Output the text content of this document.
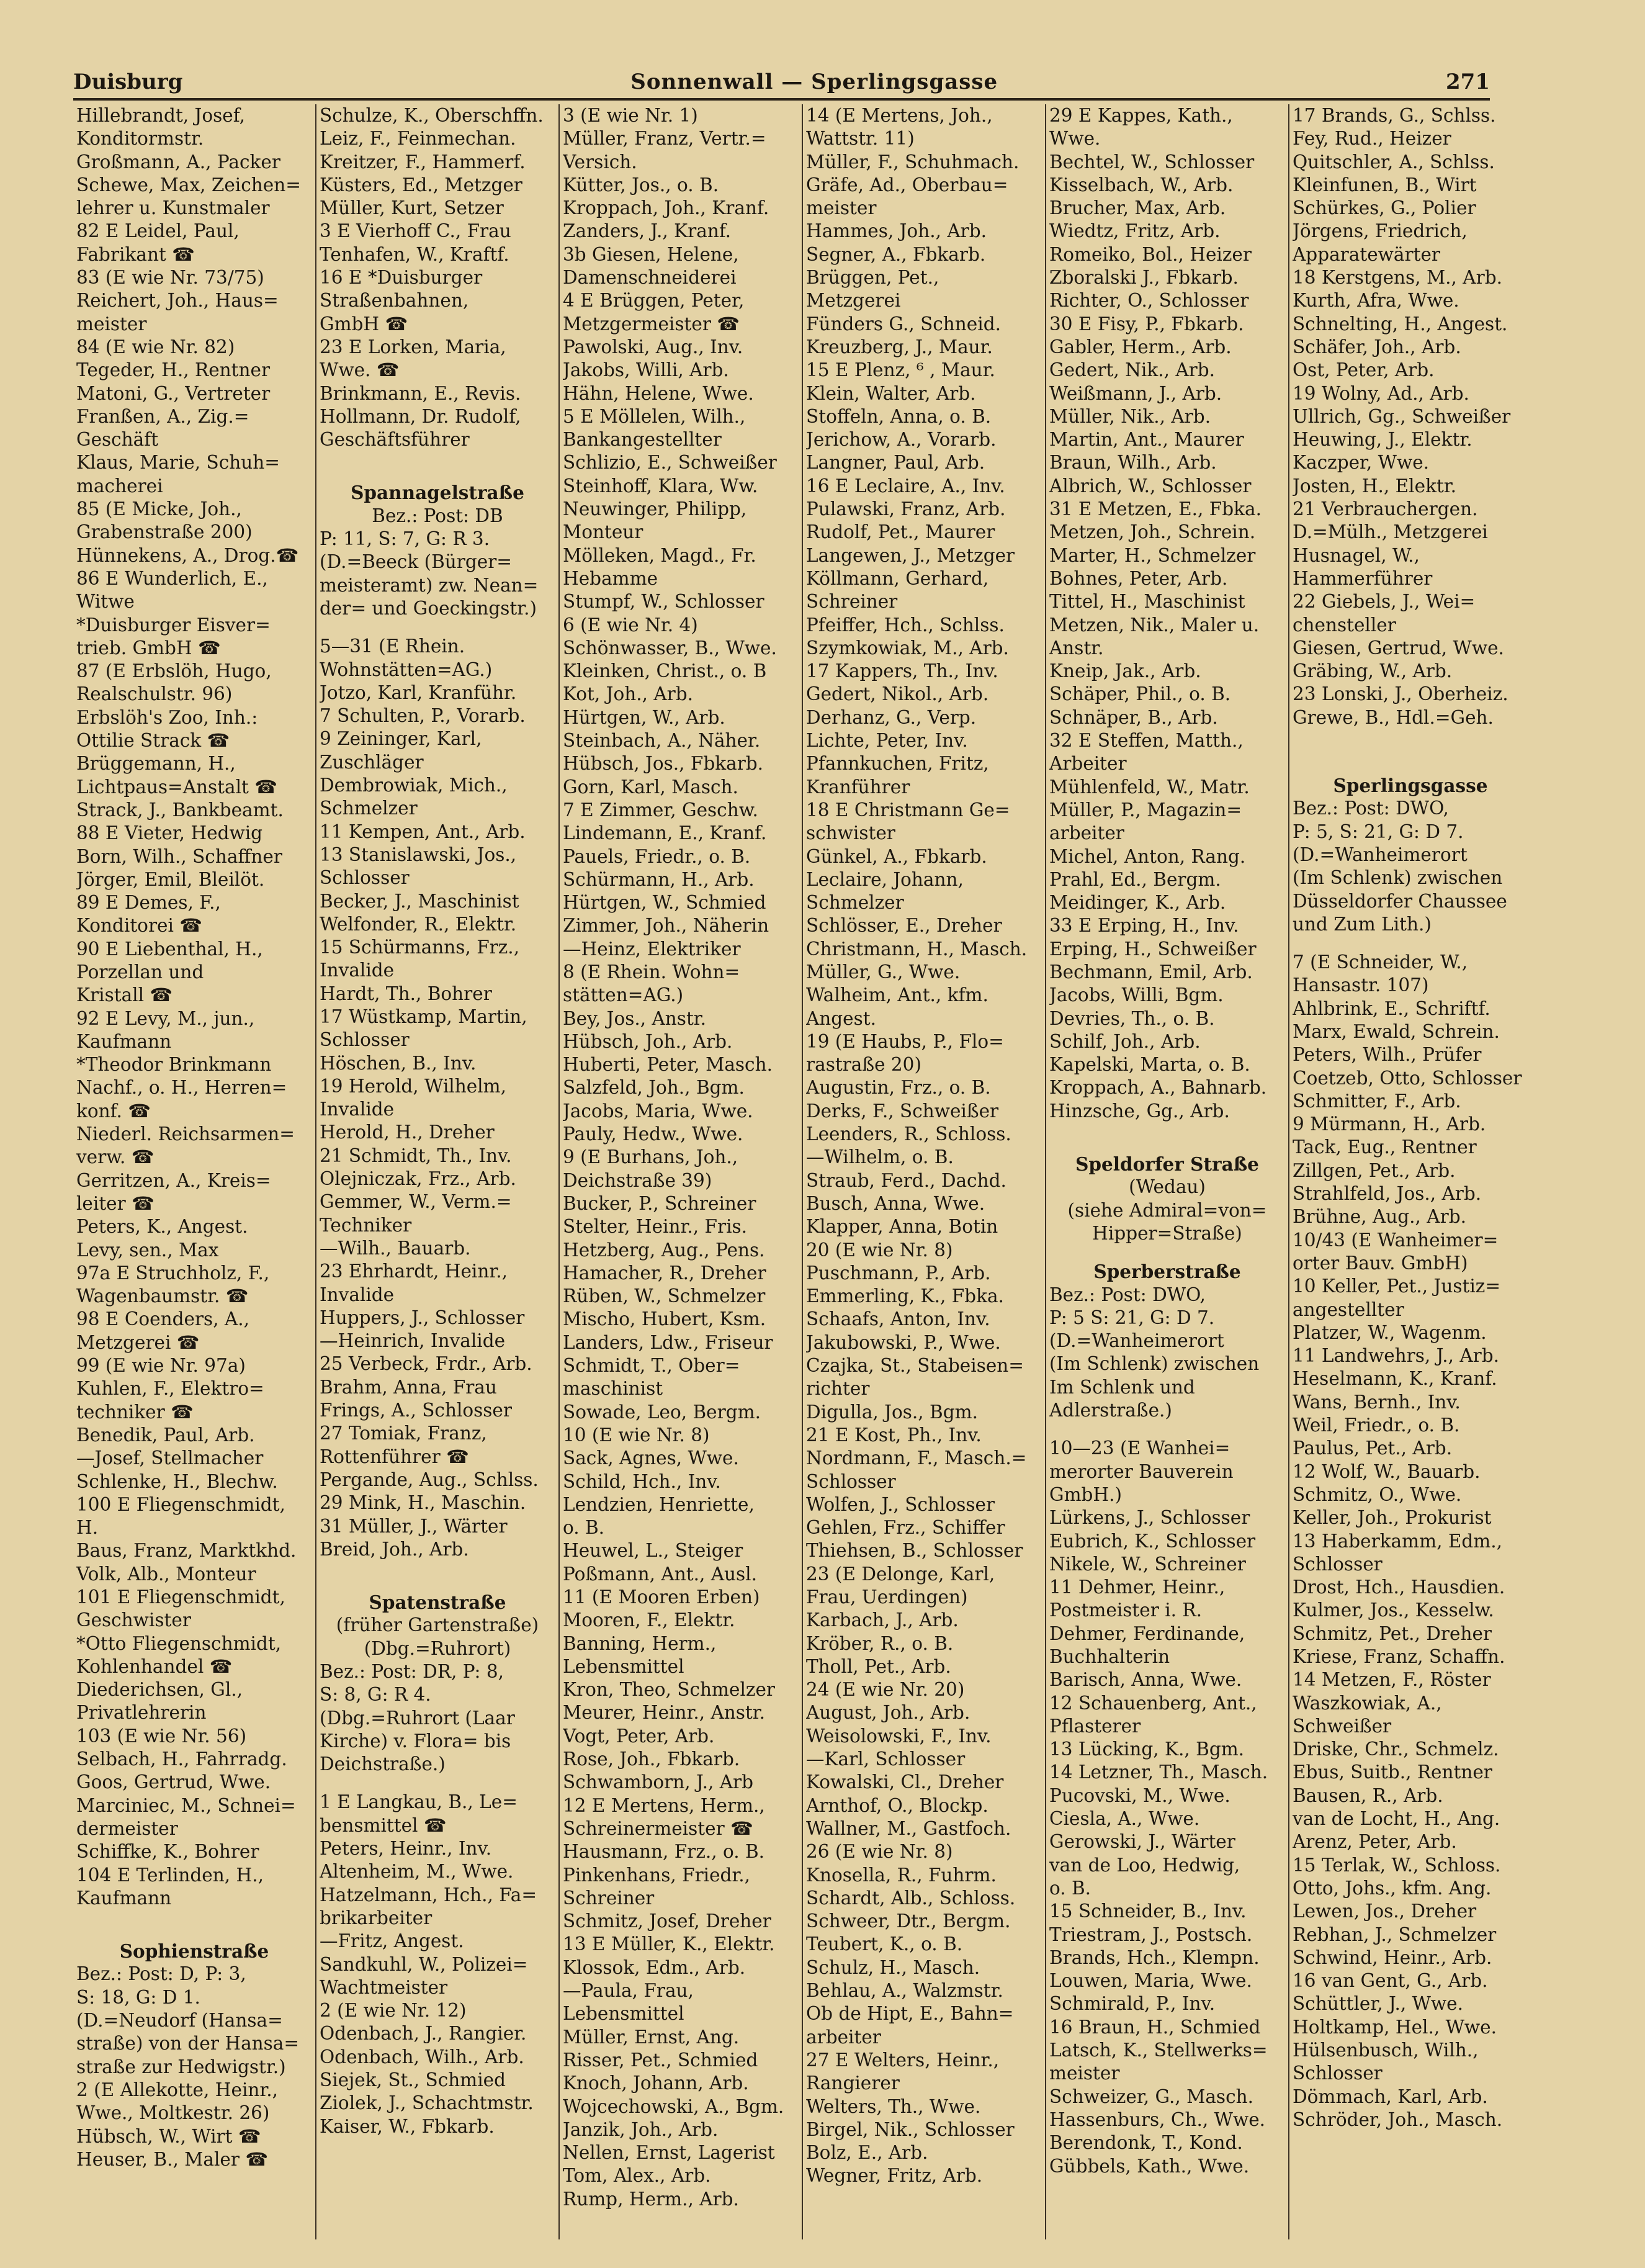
Duisburg	Sonnenwall — Sperlingsgasse	271
Hillebrandt, Josef,
Konditormstr.
Großmann, A., Packer
Schewe, Max, Zeichen=
lehrer u. Kunstmaler
82 E Leidel, Paul,
Fabrikant ☎
83 (E wie Nr. 73/75)
Reichert, Joh., Haus=
meister
84 (E wie Nr. 82)
Tegeder, H., Rentner
Matoni, G., Vertreter
Franßen, A., Zig.=
Geschäft
Klaus, Marie, Schuh=
macherei
85 (E Micke, Joh.,
Grabenstraße 200)
Hünnekens, A., Drog.☎
86 E Wunderlich, E.,
Witwe
*Duisburger Eisver=
trieb. GmbH ☎
87 (E Erbslöh, Hugo,
Realschulstr. 96)
Erbslöh's Zoo, Inh.:
Ottilie Strack ☎
Brüggemann, H.,
Lichtpaus=Anstalt ☎
Strack, J., Bankbeamt.
88 E Vieter, Hedwig
Born, Wilh., Schaffner
Jörger, Emil, Bleilöt.
89 E Demes, F.,
Konditorei ☎
90 E Liebenthal, H.,
Porzellan und
Kristall ☎
92 E Levy, M., jun.,
Kaufmann
*Theodor Brinkmann
Nachf., o. H., Herren=
konf. ☎
Niederl. Reichsarmen=
verw. ☎
Gerritzen, A., Kreis=
leiter ☎
Peters, K., Angest.
Levy, sen., Max
97a E Struchholz, F.,
Wagenbaumstr. ☎
98 E Coenders, A.,
Metzgerei ☎
99 (E wie Nr. 97a)
Kuhlen, F., Elektro=
techniker ☎
Benedik, Paul, Arb.
—Josef, Stellmacher
Schlenke, H., Blechw.
100 E Fliegenschmidt,
H.
Baus, Franz, Marktkhd.
Volk, Alb., Monteur
101 E Fliegenschmidt,
Geschwister
*Otto Fliegenschmidt,
Kohlenhandel ☎
Diederichsen, Gl.,
Privatlehrerin
103 (E wie Nr. 56)
Selbach, H., Fahrradg.
Goos, Gertrud, Wwe.
Marciniec, M., Schnei=
dermeister
Schiffke, K., Bohrer
104 E Terlinden, H.,
Kaufmann
Sophienstraße
Bez.: Post: D, P: 3,
S: 18, G: D 1.
(D.=Neudorf (Hansa=
straße) von der Hansa=
straße zur Hedwigstr.)
2 (E Allekotte, Heinr.,
Wwe., Moltkestr. 26)
Hübsch, W., Wirt ☎
Heuser, B., Maler ☎
Schulze, K., Oberschffn.
Leiz, F., Feinmechan.
Kreitzer, F., Hammerf.
Küsters, Ed., Metzger
Müller, Kurt, Setzer
3 E Vierhoff C., Frau
Tenhafen, W., Kraftf.
16 E *Duisburger
Straßenbahnen,
GmbH ☎
23 E Lorken, Maria,
Wwe. ☎
Brinkmann, E., Revis.
Hollmann, Dr. Rudolf,
Geschäftsführer
Spannagelstraße
Bez.: Post: DB
P: 11, S: 7, G: R 3.
(D.=Beeck (Bürger=
meisteramt) zw. Nean=
der= und Goeckingstr.)
5—31 (E Rhein.
Wohnstätten=AG.)
Jotzo, Karl, Kranführ.
7 Schulten, P., Vorarb.
9 Zeininger, Karl,
Zuschläger
Dembrowiak, Mich.,
Schmelzer
11 Kempen, Ant., Arb.
13 Stanislawski, Jos.,
Schlosser
Becker, J., Maschinist
Welfonder, R., Elektr.
15 Schürmanns, Frz.,
Invalide
Hardt, Th., Bohrer
17 Wüstkamp, Martin,
Schlosser
Höschen, B., Inv.
19 Herold, Wilhelm,
Invalide
Herold, H., Dreher
21 Schmidt, Th., Inv.
Olejniczak, Frz., Arb.
Gemmer, W., Verm.=
Techniker
—Wilh., Bauarb.
23 Ehrhardt, Heinr.,
Invalide
Huppers, J., Schlosser
—Heinrich, Invalide
25 Verbeck, Frdr., Arb.
Brahm, Anna, Frau
Frings, A., Schlosser
27 Tomiak, Franz,
Rottenführer ☎
Pergande, Aug., Schlss.
29 Mink, H., Maschin.
31 Müller, J., Wärter
Breid, Joh., Arb.
Spatenstraße
(früher Gartenstraße)
(Dbg.=Ruhrort)
Bez.: Post: DR, P: 8,
S: 8, G: R 4.
(Dbg.=Ruhrort (Laar
Kirche) v. Flora= bis
Deichstraße.)
1 E Langkau, B., Le=
bensmittel ☎
Peters, Heinr., Inv.
Altenheim, M., Wwe.
Hatzelmann, Hch., Fa=
brikarbeiter
—Fritz, Angest.
Sandkuhl, W., Polizei=
Wachtmeister
2 (E wie Nr. 12)
Odenbach, J., Rangier.
Odenbach, Wilh., Arb.
Siejek, St., Schmied
Ziolek, J., Schachtmstr.
Kaiser, W., Fbkarb.
3 (E wie Nr. 1)
Müller, Franz, Vertr.=
Versich.
Kütter, Jos., o. B.
Kroppach, Joh., Kranf.
Zanders, J., Kranf.
3b Giesen, Helene,
Damenschneiderei
4 E Brüggen, Peter,
Metzgermeister ☎
Pawolski, Aug., Inv.
Jakobs, Willi, Arb.
Hähn, Helene, Wwe.
5 E Möllelen, Wilh.,
Bankangestellter
Schlizio, E., Schweißer
Steinhoff, Klara, Ww.
Neuwinger, Philipp,
Monteur
Mölleken, Magd., Fr.
Hebamme
Stumpf, W., Schlosser
6 (E wie Nr. 4)
Schönwasser, B., Wwe.
Kleinken, Christ., o. B
Kot, Joh., Arb.
Hürtgen, W., Arb.
Steinbach, A., Näher.
Hübsch, Jos., Fbkarb.
Gorn, Karl, Masch.
7 E Zimmer, Geschw.
Lindemann, E., Kranf.
Pauels, Friedr., o. B.
Schürmann, H., Arb.
Hürtgen, W., Schmied
Zimmer, Joh., Näherin
—Heinz, Elektriker
8 (E Rhein. Wohn=
stätten=AG.)
Bey, Jos., Anstr.
Hübsch, Joh., Arb.
Huberti, Peter, Masch.
Salzfeld, Joh., Bgm.
Jacobs, Maria, Wwe.
Pauly, Hedw., Wwe.
9 (E Burhans, Joh.,
Deichstraße 39)
Bucker, P., Schreiner
Stelter, Heinr., Fris.
Hetzberg, Aug., Pens.
Hamacher, R., Dreher
Rüben, W., Schmelzer
Mischo, Hubert, Ksm.
Landers, Ldw., Friseur
Schmidt, T., Ober=
maschinist
Sowade, Leo, Bergm.
10 (E wie Nr. 8)
Sack, Agnes, Wwe.
Schild, Hch., Inv.
Lendzien, Henriette,
o. B.
Heuwel, L., Steiger
Poßmann, Ant., Ausl.
11 (E Mooren Erben)
Mooren, F., Elektr.
Banning, Herm.,
Lebensmittel
Kron, Theo, Schmelzer
Meurer, Heinr., Anstr.
Vogt, Peter, Arb.
Rose, Joh., Fbkarb.
Schwamborn, J., Arb
12 E Mertens, Herm.,
Schreinermeister ☎
Hausmann, Frz., o. B.
Pinkenhans, Friedr.,
Schreiner
Schmitz, Josef, Dreher
13 E Müller, K., Elektr.
Klossok, Edm., Arb.
—Paula, Frau,
Lebensmittel
Müller, Ernst, Ang.
Risser, Pet., Schmied
Knoch, Johann, Arb.
Wojcechowski, A., Bgm.
Janzik, Joh., Arb.
Nellen, Ernst, Lagerist
Tom, Alex., Arb.
Rump, Herm., Arb.
14 (E Mertens, Joh.,
Wattstr. 11)
Müller, F., Schuhmach.
Gräfe, Ad., Oberbau=
meister
Hammes, Joh., Arb.
Segner, A., Fbkarb.
Brüggen, Pet.,
Metzgerei
Fünders G., Schneid.
Kreuzberg, J., Maur.
15 E Plenz, ⁶ , Maur.
Klein, Walter, Arb.
Stoffeln, Anna, o. B.
Jerichow, A., Vorarb.
Langner, Paul, Arb.
16 E Leclaire, A., Inv.
Pulawski, Franz, Arb.
Rudolf, Pet., Maurer
Langewen, J., Metzger
Köllmann, Gerhard,
Schreiner
Pfeiffer, Hch., Schlss.
Szymkowiak, M., Arb.
17 Kappers, Th., Inv.
Gedert, Nikol., Arb.
Derhanz, G., Verp.
Lichte, Peter, Inv.
Pfannkuchen, Fritz,
Kranführer
18 E Christmann Ge=
schwister
Günkel, A., Fbkarb.
Leclaire, Johann,
Schmelzer
Schlösser, E., Dreher
Christmann, H., Masch.
Müller, G., Wwe.
Walheim, Ant., kfm.
Angest.
19 (E Haubs, P., Flo=
rastraße 20)
Augustin, Frz., o. B.
Derks, F., Schweißer
Leenders, R., Schloss.
—Wilhelm, o. B.
Straub, Ferd., Dachd.
Busch, Anna, Wwe.
Klapper, Anna, Botin
20 (E wie Nr. 8)
Puschmann, P., Arb.
Emmerling, K., Fbka.
Schaafs, Anton, Inv.
Jakubowski, P., Wwe.
Czajka, St., Stabeisen=
richter
Digulla, Jos., Bgm.
21 E Kost, Ph., Inv.
Nordmann, F., Masch.=
Schlosser
Wolfen, J., Schlosser
Gehlen, Frz., Schiffer
Thiehsen, B., Schlosser
23 (E Delonge, Karl,
Frau, Uerdingen)
Karbach, J., Arb.
Kröber, R., o. B.
Tholl, Pet., Arb.
24 (E wie Nr. 20)
August, Joh., Arb.
Weisolowski, F., Inv.
—Karl, Schlosser
Kowalski, Cl., Dreher
Arnthof, O., Blockp.
Wallner, M., Gastfoch.
26 (E wie Nr. 8)
Knosella, R., Fuhrm.
Schardt, Alb., Schloss.
Schweer, Dtr., Bergm.
Teubert, K., o. B.
Schulz, H., Masch.
Behlau, A., Walzmstr.
Ob de Hipt, E., Bahn=
arbeiter
27 E Welters, Heinr.,
Rangierer
Welters, Th., Wwe.
Birgel, Nik., Schlosser
Bolz, E., Arb.
Wegner, Fritz, Arb.
29 E Kappes, Kath.,
Wwe.
Bechtel, W., Schlosser
Kisselbach, W., Arb.
Brucher, Max, Arb.
Wiedtz, Fritz, Arb.
Romeiko, Bol., Heizer
Zboralski J., Fbkarb.
Richter, O., Schlosser
30 E Fisy, P., Fbkarb.
Gabler, Herm., Arb.
Gedert, Nik., Arb.
Weißmann, J., Arb.
Müller, Nik., Arb.
Martin, Ant., Maurer
Braun, Wilh., Arb.
Albrich, W., Schlosser
31 E Metzen, E., Fbka.
Metzen, Joh., Schrein.
Marter, H., Schmelzer
Bohnes, Peter, Arb.
Tittel, H., Maschinist
Metzen, Nik., Maler u.
Anstr.
Kneip, Jak., Arb.
Schäper, Phil., o. B.
Schnäper, B., Arb.
32 E Steffen, Matth.,
Arbeiter
Mühlenfeld, W., Matr.
Müller, P., Magazin=
arbeiter
Michel, Anton, Rang.
Prahl, Ed., Bergm.
Meidinger, K., Arb.
33 E Erping, H., Inv.
Erping, H., Schweißer
Bechmann, Emil, Arb.
Jacobs, Willi, Bgm.
Devries, Th., o. B.
Schilf, Joh., Arb.
Kapelski, Marta, o. B.
Kroppach, A., Bahnarb.
Hinzsche, Gg., Arb.
Speldorfer Straße
(Wedau)
(siehe Admiral=von=
Hipper=Straße)
Sperberstraße
Bez.: Post: DWO,
P: 5 S: 21, G: D 7.
(D.=Wanheimerort
(Im Schlenk) zwischen
Im Schlenk und
Adlerstraße.)
10—23 (E Wanhei=
merorter Bauverein
GmbH.)
Lürkens, J., Schlosser
Eubrich, K., Schlosser
Nikele, W., Schreiner
11 Dehmer, Heinr.,
Postmeister i. R.
Dehmer, Ferdinande,
Buchhalterin
Barisch, Anna, Wwe.
12 Schauenberg, Ant.,
Pflasterer
13 Lücking, K., Bgm.
14 Letzner, Th., Masch.
Pucovski, M., Wwe.
Ciesla, A., Wwe.
Gerowski, J., Wärter
van de Loo, Hedwig,
o. B.
15 Schneider, B., Inv.
Triestram, J., Postsch.
Brands, Hch., Klempn.
Louwen, Maria, Wwe.
Schmirald, P., Inv.
16 Braun, H., Schmied
Latsch, K., Stellwerks=
meister
Schweizer, G., Masch.
Hassenburs, Ch., Wwe.
Berendonk, T., Kond.
Gübbels, Kath., Wwe.
17 Brands, G., Schlss.
Fey, Rud., Heizer
Quitschler, A., Schlss.
Kleinfunen, B., Wirt
Schürkes, G., Polier
Jörgens, Friedrich,
Apparatewärter
18 Kerstgens, M., Arb.
Kurth, Afra, Wwe.
Schnelting, H., Angest.
Schäfer, Joh., Arb.
Ost, Peter, Arb.
19 Wolny, Ad., Arb.
Ullrich, Gg., Schweißer
Heuwing, J., Elektr.
Kaczper, Wwe.
Josten, H., Elektr.
21 Verbrauchergen.
D.=Mülh., Metzgerei
Husnagel, W.,
Hammerführer
22 Giebels, J., Wei=
chensteller
Giesen, Gertrud, Wwe.
Gräbing, W., Arb.
23 Lonski, J., Oberheiz.
Grewe, B., Hdl.=Geh.
Sperlingsgasse
Bez.: Post: DWO,
P: 5, S: 21, G: D 7.
(D.=Wanheimerort
(Im Schlenk) zwischen
Düsseldorfer Chaussee
und Zum Lith.)
7 (E Schneider, W.,
Hansastr. 107)
Ahlbrink, E., Schriftf.
Marx, Ewald, Schrein.
Peters, Wilh., Prüfer
Coetzeb, Otto, Schlosser
Schmitter, F., Arb.
9 Mürmann, H., Arb.
Tack, Eug., Rentner
Zillgen, Pet., Arb.
Strahlfeld, Jos., Arb.
Brühne, Aug., Arb.
10/43 (E Wanheimer=
orter Bauv. GmbH)
10 Keller, Pet., Justiz=
angestellter
Platzer, W., Wagenm.
11 Landwehrs, J., Arb.
Heselmann, K., Kranf.
Wans, Bernh., Inv.
Weil, Friedr., o. B.
Paulus, Pet., Arb.
12 Wolf, W., Bauarb.
Schmitz, O., Wwe.
Keller, Joh., Prokurist
13 Haberkamm, Edm.,
Schlosser
Drost, Hch., Hausdien.
Kulmer, Jos., Kesselw.
Schmitz, Pet., Dreher
Kriese, Franz, Schaffn.
14 Metzen, F., Röster
Waszkowiak, A.,
Schweißer
Driske, Chr., Schmelz.
Ebus, Suitb., Rentner
Bausen, R., Arb.
van de Locht, H., Ang.
Arenz, Peter, Arb.
15 Terlak, W., Schloss.
Otto, Johs., kfm. Ang.
Lewen, Jos., Dreher
Rebhan, J., Schmelzer
Schwind, Heinr., Arb.
16 van Gent, G., Arb.
Schüttler, J., Wwe.
Holtkamp, Hel., Wwe.
Hülsenbusch, Wilh.,
Schlosser
Dömmach, Karl, Arb.
Schröder, Joh., Masch.
